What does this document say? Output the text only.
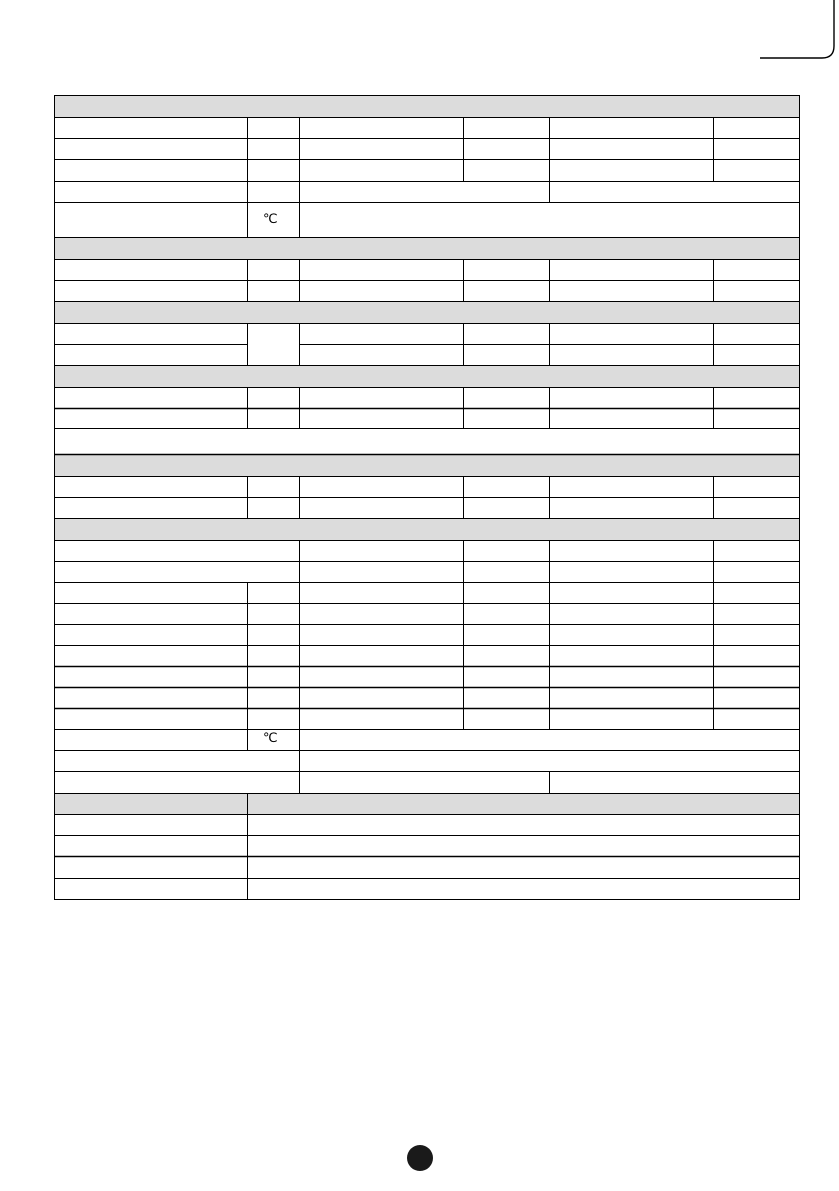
℃
℃
